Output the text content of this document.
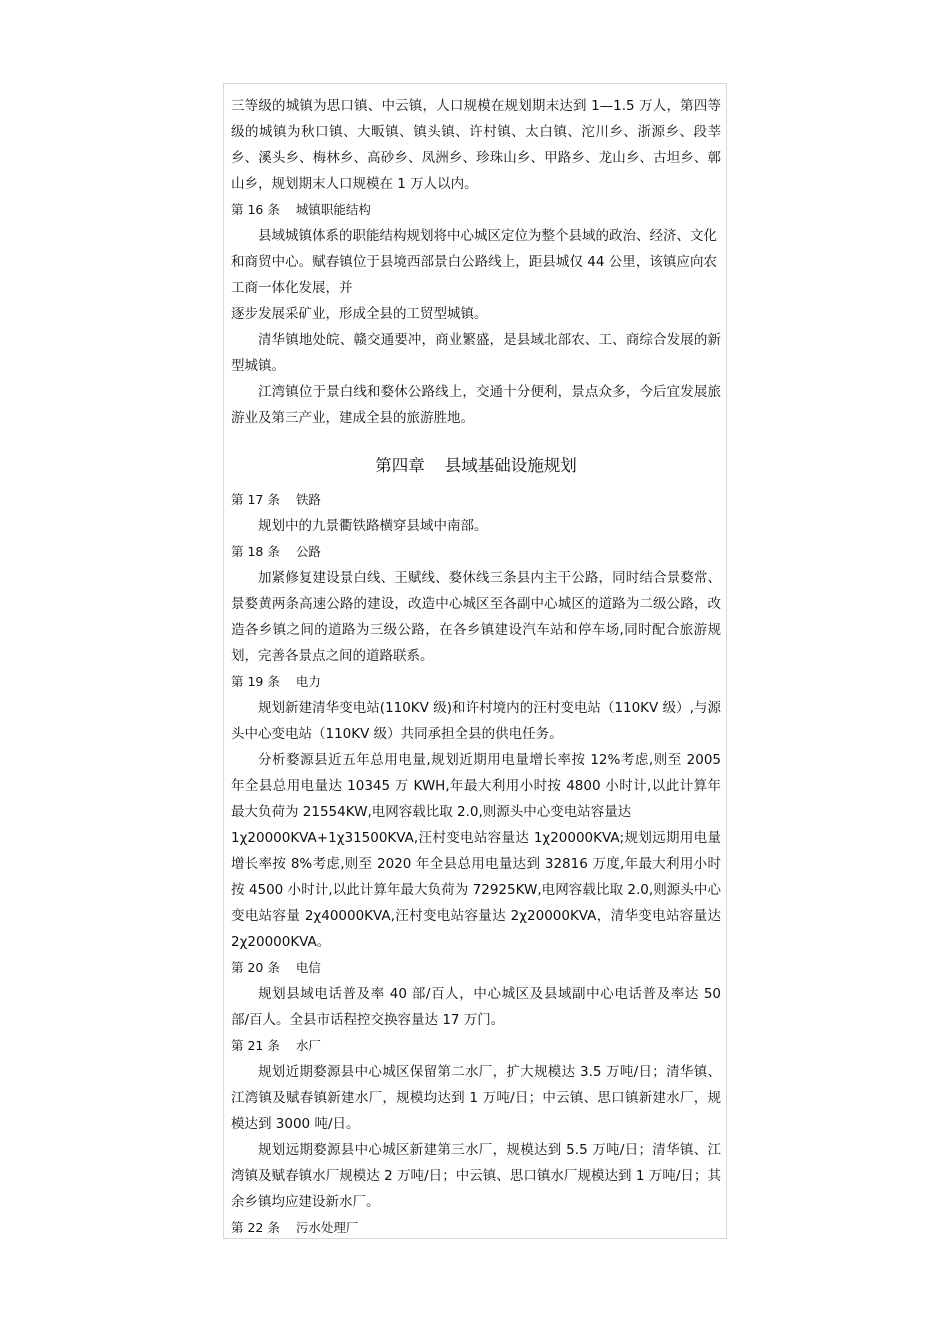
三等级的城镇为思口镇、中云镇，人口规模在规划期末达到 1—1.5 万人，第四等级的城镇为秋口镇、大畈镇、镇头镇、许村镇、太白镇、沱川乡、浙源乡、段莘乡、溪头乡、梅林乡、高砂乡、凤洲乡、珍珠山乡、甲路乡、龙山乡、古坦乡、鄣山乡，规划期末人口规模在 1 万人以内。

第 16 条 城镇职能结构

县域城镇体系的职能结构规划将中心城区定位为整个县域的政治、经济、文化和商贸中心。赋春镇位于县境西部景白公路线上，距县城仅 44 公里，该镇应向农工商一体化发展，并

逐步发展采矿业，形成全县的工贸型城镇。

清华镇地处皖、赣交通要冲，商业繁盛，是县域北部农、工、商综合发展的新型城镇。

江湾镇位于景白线和婺休公路线上，交通十分便利，景点众多，今后宜发展旅游业及第三产业，建成全县的旅游胜地。

第四章 县域基础设施规划
第 17 条 铁路

规划中的九景衢铁路横穿县域中南部。

第 18 条 公路

加紧修复建设景白线、王赋线、婺休线三条县内主干公路，同时结合景婺常、景婺黄两条高速公路的建设，改造中心城区至各副中心城区的道路为二级公路，改造各乡镇之间的道路为三级公路，在各乡镇建设汽车站和停车场,同时配合旅游规划，完善各景点之间的道路联系。

第 19 条 电力

规划新建清华变电站(110KV 级)和许村境内的汪村变电站（110KV 级）,与源头中心变电站（110KV 级）共同承担全县的供电任务。

分析婺源县近五年总用电量,规划近期用电量增长率按 12%考虑,则至 2005 年全县总用电量达 10345 万 KWH,年最大利用小时按 4800 小时计,以此计算年最大负荷为 21554KW,电网容载比取 2.0,则源头中心变电站容量达

1χ20000KVA+1χ31500KVA,汪村变电站容量达 1χ20000KVA;规划远期用电量增长率按 8%考虑,则至 2020 年全县总用电量达到 32816 万度,年最大利用小时按 4500 小时计,以此计算年最大负荷为 72925KW,电网容载比取 2.0,则源头中心变电站容量 2χ40000KVA,汪村变电站容量达 2χ20000KVA，清华变电站容量达 2χ20000KVA。

第 20 条 电信

规划县域电话普及率 40 部/百人，中心城区及县域副中心电话普及率达 50 部/百人。全县市话程控交换容量达 17 万门。

第 21 条 水厂

规划近期婺源县中心城区保留第二水厂，扩大规模达 3.5 万吨/日；清华镇、江湾镇及赋春镇新建水厂，规模均达到 1 万吨/日；中云镇、思口镇新建水厂，规模达到 3000 吨/日。

规划远期婺源县中心城区新建第三水厂，规模达到 5.5 万吨/日；清华镇、江湾镇及赋春镇水厂规模达 2 万吨/日；中云镇、思口镇水厂规模达到 1 万吨/日；其余乡镇均应建设新水厂。

第 22 条 污水处理厂
